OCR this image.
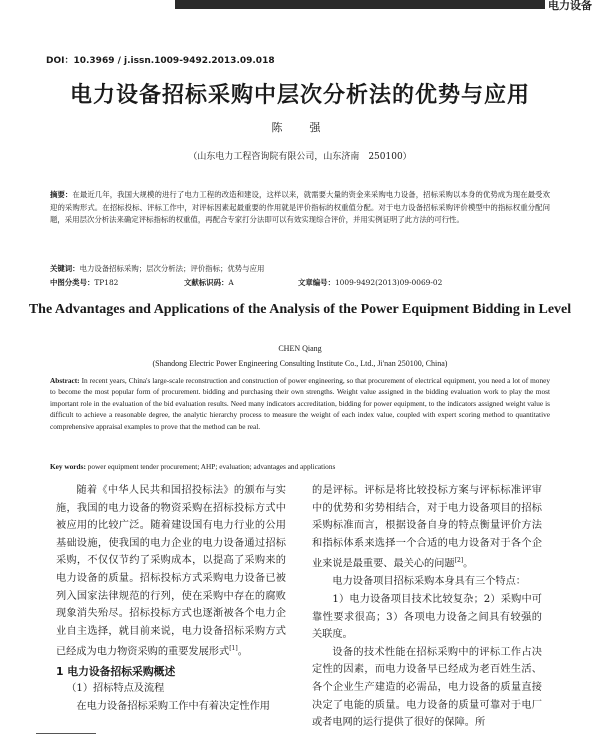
电力设备
DOI：10.3969 / j.issn.1009-9492.2013.09.018
电力设备招标采购中层次分析法的优势与应用
陈　强
（山东电力工程咨询院有限公司，山东济南　250100）
摘要：在最近几年，我国大规模的进行了电力工程的改造和建设，这样以来，就需要大量的资金来采购电力设备，招标采购以本身的优势成为现在最受欢迎的采购形式。在招标投标、评标工作中，对评标因素起最重要的作用就是评价指标的权重值分配。对于电力设备招标采购评价模型中的指标权重分配问题，采用层次分析法来确定评标指标的权重值，再配合专家打分法即可以有效实现综合评价，并用实例证明了此方法的可行性。
关键词：电力设备招标采购；层次分析法；评价指标；优势与应用
中图分类号：TP182	文献标识码：A	文章编号：1009-9492(2013)09-0069-02
The Advantages and Applications of the Analysis of the Power Equipment Bidding in Level
CHEN Qiang
(Shandong Electric Power Engineering Consulting Institute Co., Ltd., Ji'nan 250100, China)
Abstract: In recent years, China's large-scale reconstruction and construction of power engineering, so that procurement of electrical equipment, you need a lot of money to become the most popular form of procurement. bidding and purchasing their own strengths. Weight value assigned in the bidding evaluation work to play the most important role in the evaluation of the bid evaluation results. Need many indicators accreditation, bidding for power equipment, to the indicators assigned weight value is difficult to achieve a reasonable degree, the analytic hierarchy process to measure the weight of each index value, coupled with expert scoring method to quantitative comprehensive appraisal examples to prove that the method can be real.
Key words: power equipment tender procurement; AHP; evaluation; advantages and applications

随着《中华人民共和国招投标法》的颁布与实施，我国的电力设备的物资采购在招标投标方式中被应用的比较广泛。随着建设国有电力行业的公用基础设施，使我国的电力企业的电力设备通过招标采购，不仅仅节约了采购成本，以提高了采购来的电力设备的质量。招标投标方式采购电力设备已被列入国家法律规范的行列，使在采购中存在的腐败现象消失殆尽。招标投标方式也逐渐被各个电力企业自主选择，就目前来说，电力设备招标采购方式已经成为电力物资采购的重要发展形式[1]。

1 电力设备招标采购概述

（1）招标特点及流程

在电力设备招标采购工作中有着决定性作用

的是评标。评标是将比较投标方案与评标标准评审中的优势和劣势相结合，对于电力设备项目的招标采购标准而言，根据设备自身的特点衡量评价方法和指标体系来选择一个合适的电力设备对于各个企业来说是最重要、最关心的问题[2]。

电力设备项目招标采购本身具有三个特点：

1）电力设备项目技术比较复杂；2）采购中可靠性要求很高；3）各项电力设备之间具有较强的关联度。

设备的技术性能在招标采购中的评标工作占决定性的因素，而电力设备早已经成为老百姓生活、各个企业生产建造的必需品，电力设备的质量直接决定了电能的质量。电力设备的质量可靠对于电厂或者电网的运行提供了很好的保障。所
